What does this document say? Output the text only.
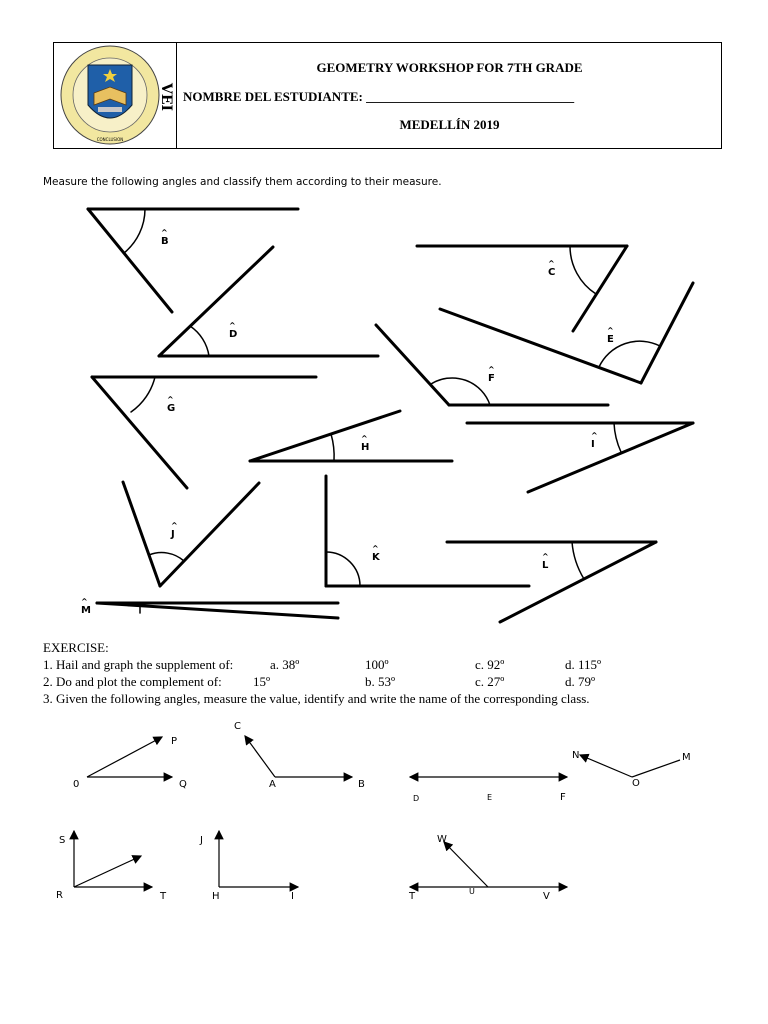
CONCLUSION
VEI
GEOMETRY WORKSHOP FOR 7TH GRADE
NOMBRE DEL ESTUDIANTE: ________________________________
MEDELLÍN 2019
Measure the following angles and classify them according to their measure.
^
B
^
C
^
D	^
E
^
F
^
G
^
H
^
I
^
J
^
K	^
L
^
M
EXERCISE:
1. Hail and graph the supplement of:	a. 38º	100º	c. 92º	d. 115º
2. Do and plot the complement of: 15º	b. 53º	c. 27º	d. 79º
3. Given the following angles, measure the value, identify and write the name of the corresponding class.
P
0	Q
C
A	B
D	E	F
N	M
O
S
R	T
J
H	I
W
T	U	V
